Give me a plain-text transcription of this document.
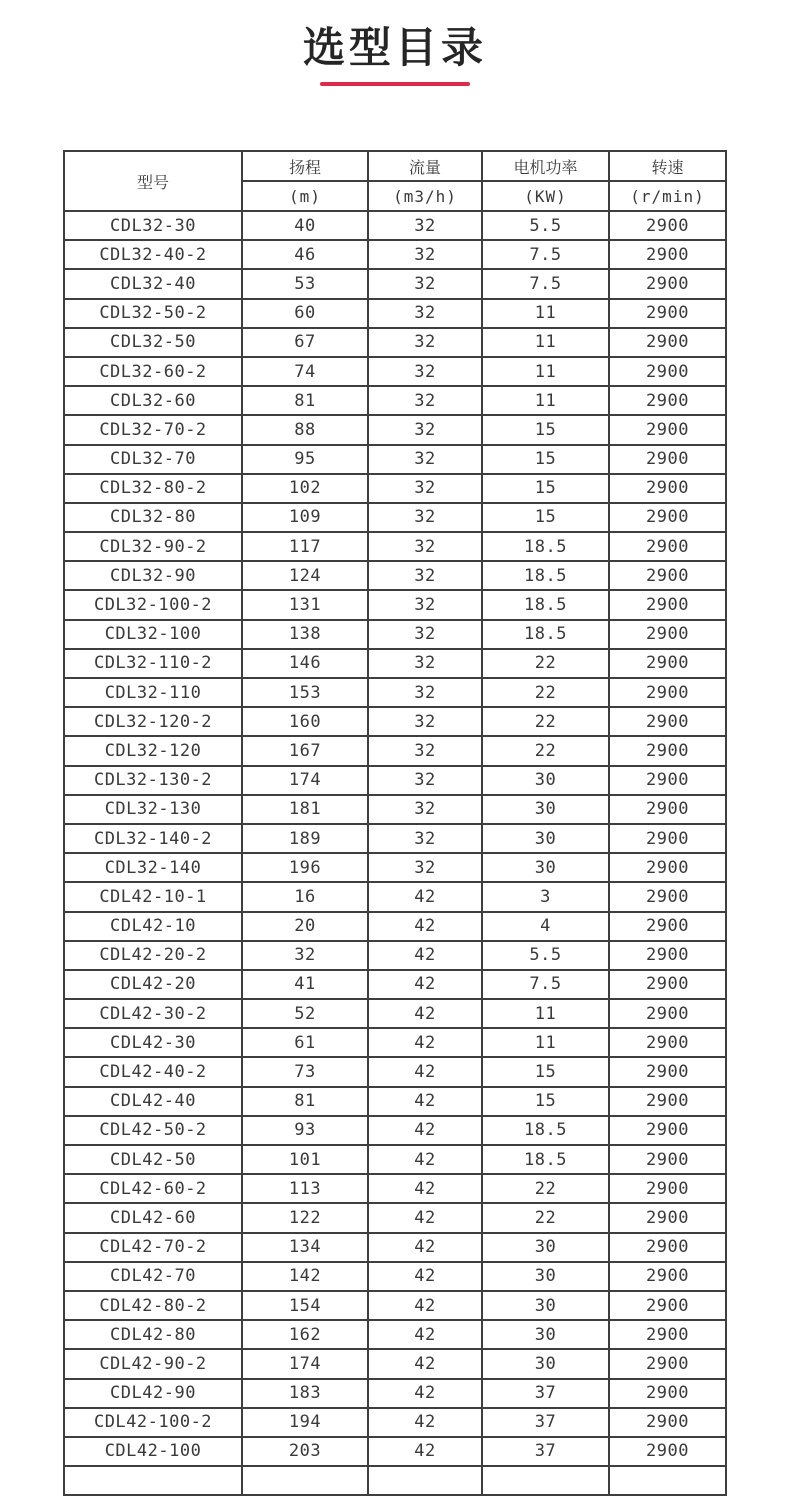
选型目录
型号	扬程	流量	电机功率	转速
	(m)	(m3/h)	(KW)	(r/min)
CDL32-30	40	32	5.5	2900
CDL32-40-2	46	32	7.5	2900
CDL32-40	53	32	7.5	2900
CDL32-50-2	60	32	11	2900
CDL32-50	67	32	11	2900
CDL32-60-2	74	32	11	2900
CDL32-60	81	32	11	2900
CDL32-70-2	88	32	15	2900
CDL32-70	95	32	15	2900
CDL32-80-2	102	32	15	2900
CDL32-80	109	32	15	2900
CDL32-90-2	117	32	18.5	2900
CDL32-90	124	32	18.5	2900
CDL32-100-2	131	32	18.5	2900
CDL32-100	138	32	18.5	2900
CDL32-110-2	146	32	22	2900
CDL32-110	153	32	22	2900
CDL32-120-2	160	32	22	2900
CDL32-120	167	32	22	2900
CDL32-130-2	174	32	30	2900
CDL32-130	181	32	30	2900
CDL32-140-2	189	32	30	2900
CDL32-140	196	32	30	2900
CDL42-10-1	16	42	3	2900
CDL42-10	20	42	4	2900
CDL42-20-2	32	42	5.5	2900
CDL42-20	41	42	7.5	2900
CDL42-30-2	52	42	11	2900
CDL42-30	61	42	11	2900
CDL42-40-2	73	42	15	2900
CDL42-40	81	42	15	2900
CDL42-50-2	93	42	18.5	2900
CDL42-50	101	42	18.5	2900
CDL42-60-2	113	42	22	2900
CDL42-60	122	42	22	2900
CDL42-70-2	134	42	30	2900
CDL42-70	142	42	30	2900
CDL42-80-2	154	42	30	2900
CDL42-80	162	42	30	2900
CDL42-90-2	174	42	30	2900
CDL42-90	183	42	37	2900
CDL42-100-2	194	42	37	2900
CDL42-100	203	42	37	2900
